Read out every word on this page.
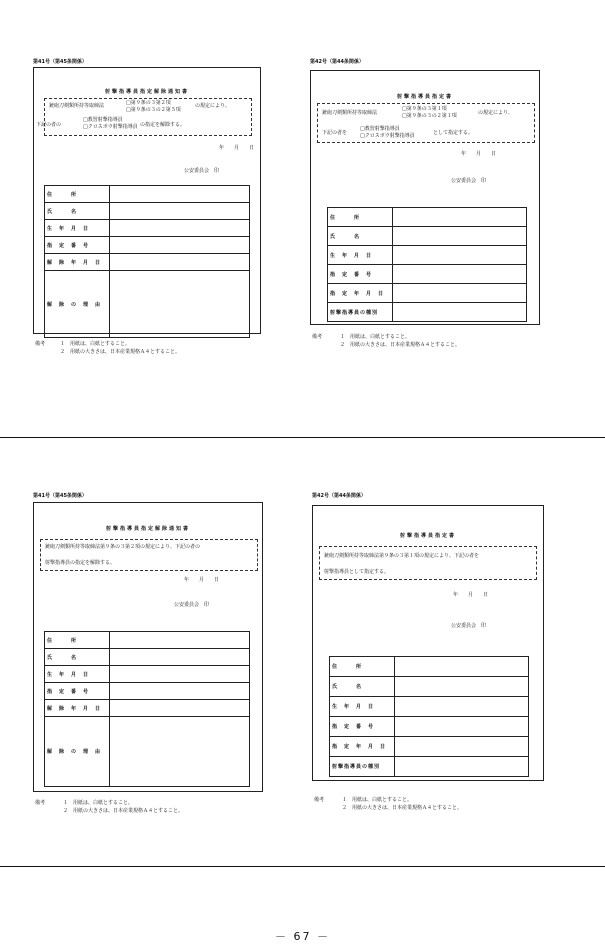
第41号（第45条関係）
射撃指導員指定解除通知書
銃砲刀剣類所持等取締法	□第９条の３第２項
□第９条の３の２第５項
の規定により、
下記の者の
□教習射撃指導員
□クロスボウ射撃指導員 の指定を解除する。
年　　月　　日
公安委員会　印
住　　　所	
氏　　　名	
生　年　月　日	
指　定　番　号	
解　除　年　月　日	
解　除　の　理　由	
備考	１　用紙は、白紙とすること。
２　用紙の大きさは、日本産業規格Ａ４とすること。
第42号（第44条関係）
射撃指導員指定書
銃砲刀剣類所持等取締法
□第９条の３第１項
□第９条の３の２第１項	の規定により、
下記の者を
□教習射撃指導員
□クロスボウ射撃指導員	として指定する。
年　　月　　日
公安委員会　印
住　　　所	
氏　　　名	
生　年　月　日	
指　定　番　号	
指　定　年　月　日	
射撃指導員の種別	
備考	１　用紙は、白紙とすること。
２　用紙の大きさは、日本産業規格Ａ４とすること。
第41号（第45条関係）
射撃指導員指定解除通知書
銃砲刀剣類所持等取締法第９条の３第２項の規定により、下記の者の
射撃指導員の指定を解除する。
年　　月　　日
公安委員会　印
住　　　所	
氏　　　名	
生　年　月　日	
指　定　番　号	
解　除　年　月　日	
解　除　の　理　由	
備考	１　用紙は、白紙とすること。
２　用紙の大きさは、日本産業規格Ａ４とすること。
第42号（第44条関係）
射撃指導員指定書
銃砲刀剣類所持等取締法第９条の３第１項の規定により、下記の者を
射撃指導員として指定する。
年　　月　　日
公安委員会　印
住　　　所	
氏　　　名	
生　年　月　日	
指　定　番　号	
指　定　年　月　日	
射撃指導員の種別	
備考	１　用紙は、白紙とすること。
２　用紙の大きさは、日本産業規格Ａ４とすること。
－ 67 －
